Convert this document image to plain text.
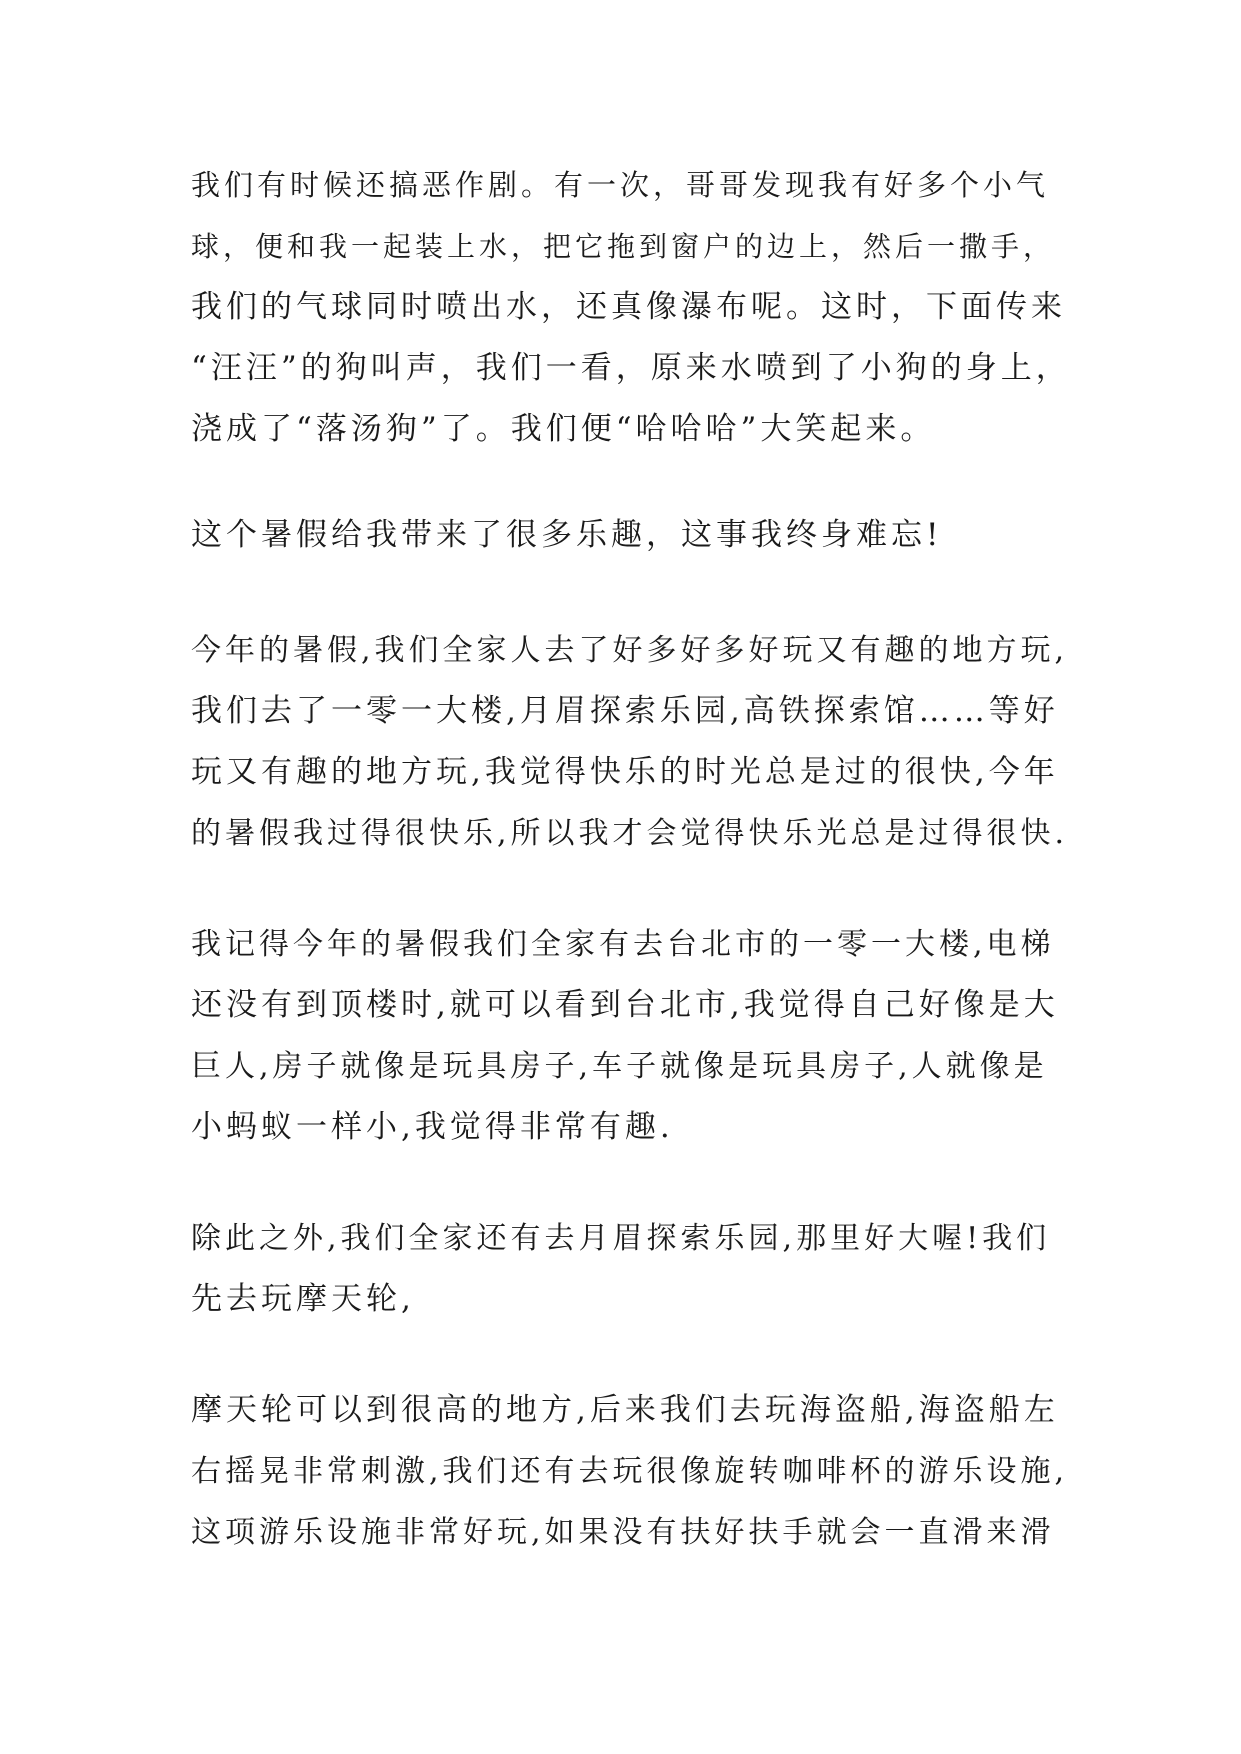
我们有时候还搞恶作剧。有一次，哥哥发现我有好多个小气
球，便和我一起装上水，把它拖到窗户的边上，然后一撒手，
我们的气球同时喷出水，还真像瀑布呢。这时，下面传来
“汪汪”的狗叫声，我们一看，原来水喷到了小狗的身上，
浇成了“落汤狗”了。我们便“哈哈哈”大笑起来。
这个暑假给我带来了很多乐趣，这事我终身难忘!
今年的暑假,我们全家人去了好多好多好玩又有趣的地方玩,
我们去了一零一大楼,月眉探索乐园,高铁探索馆……等好
玩又有趣的地方玩,我觉得快乐的时光总是过的很快,今年
的暑假我过得很快乐,所以我才会觉得快乐光总是过得很快.
我记得今年的暑假我们全家有去台北市的一零一大楼,电梯
还没有到顶楼时,就可以看到台北市,我觉得自己好像是大
巨人,房子就像是玩具房子,车子就像是玩具房子,人就像是
小蚂蚁一样小,我觉得非常有趣.
除此之外,我们全家还有去月眉探索乐园,那里好大喔!我们
先去玩摩天轮,
摩天轮可以到很高的地方,后来我们去玩海盗船,海盗船左
右摇晃非常刺激,我们还有去玩很像旋转咖啡杯的游乐设施,
这项游乐设施非常好玩,如果没有扶好扶手就会一直滑来滑
